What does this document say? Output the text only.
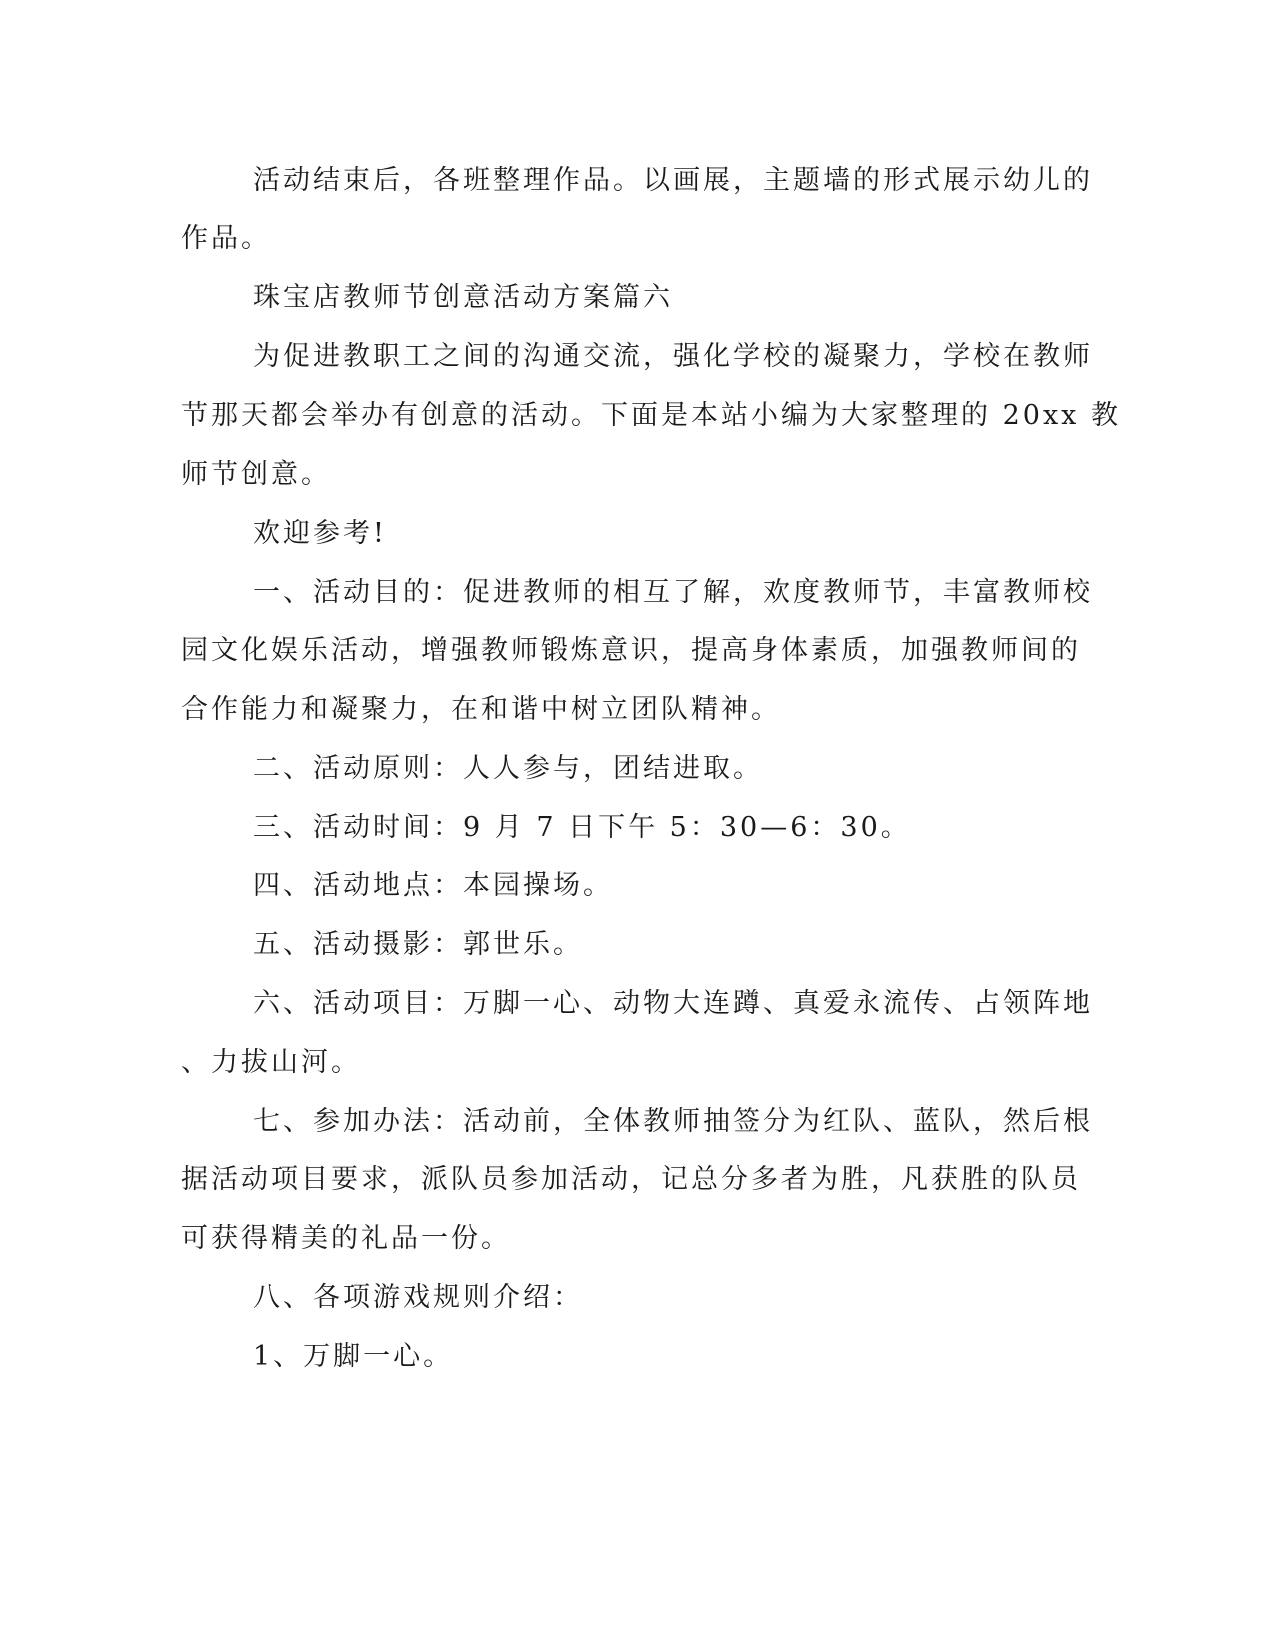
活动结束后，各班整理作品。以画展，主题墙的形式展示幼儿的
作品。
珠宝店教师节创意活动方案篇六
为促进教职工之间的沟通交流，强化学校的凝聚力，学校在教师
节那天都会举办有创意的活动。下面是本站小编为大家整理的 20xx 教
师节创意。
欢迎参考!
一、活动目的：促进教师的相互了解，欢度教师节，丰富教师校
园文化娱乐活动，增强教师锻炼意识，提高身体素质，加强教师间的
合作能力和凝聚力，在和谐中树立团队精神。
二、活动原则：人人参与，团结进取。
三、活动时间：9 月 7 日下午 5：30—6：30。
四、活动地点：本园操场。
五、活动摄影：郭世乐。
六、活动项目：万脚一心、动物大连蹲、真爱永流传、占领阵地
、力拔山河。
七、参加办法：活动前，全体教师抽签分为红队、蓝队，然后根
据活动项目要求，派队员参加活动，记总分多者为胜，凡获胜的队员
可获得精美的礼品一份。
八、各项游戏规则介绍：
1、万脚一心。
